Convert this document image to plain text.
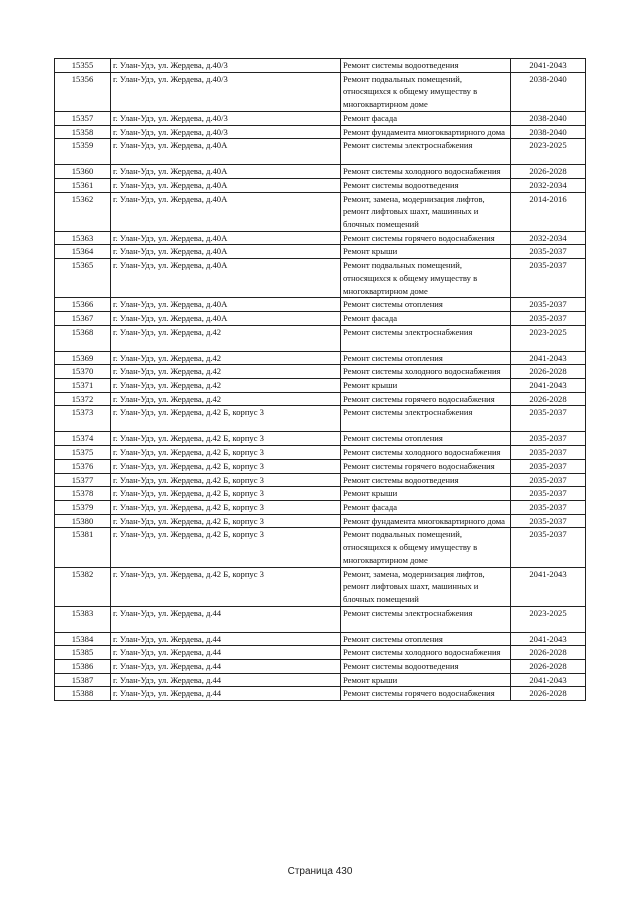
15355	г. Улан-Удэ, ул. Жердева, д.40/3	Ремонт системы водоотведения	2041-2043
15356	г. Улан-Удэ, ул. Жердева, д.40/3	Ремонт подвальных помещений, относящихся к общему имуществу в многоквартирном доме	2038-2040
15357	г. Улан-Удэ, ул. Жердева, д.40/3	Ремонт фасада	2038-2040
15358	г. Улан-Удэ, ул. Жердева, д.40/3	Ремонт фундамента многоквартирного дома	2038-2040
15359	г. Улан-Удэ, ул. Жердева, д.40А	Ремонт системы электроснабжения	2023-2025
15360	г. Улан-Удэ, ул. Жердева, д.40А	Ремонт системы холодного водоснабжения	2026-2028
15361	г. Улан-Удэ, ул. Жердева, д.40А	Ремонт системы водоотведения	2032-2034
15362	г. Улан-Удэ, ул. Жердева, д.40А	Ремонт, замена, модернизация лифтов, ремонт лифтовых шахт, машинных и блочных помещений	2014-2016
15363	г. Улан-Удэ, ул. Жердева, д.40А	Ремонт системы горячего водоснабжения	2032-2034
15364	г. Улан-Удэ, ул. Жердева, д.40А	Ремонт крыши	2035-2037
15365	г. Улан-Удэ, ул. Жердева, д.40А	Ремонт подвальных помещений, относящихся к общему имуществу в многоквартирном доме	2035-2037
15366	г. Улан-Удэ, ул. Жердева, д.40А	Ремонт системы отопления	2035-2037
15367	г. Улан-Удэ, ул. Жердева, д.40А	Ремонт фасада	2035-2037
15368	г. Улан-Удэ, ул. Жердева, д.42	Ремонт системы электроснабжения	2023-2025
15369	г. Улан-Удэ, ул. Жердева, д.42	Ремонт системы отопления	2041-2043
15370	г. Улан-Удэ, ул. Жердева, д.42	Ремонт системы холодного водоснабжения	2026-2028
15371	г. Улан-Удэ, ул. Жердева, д.42	Ремонт крыши	2041-2043
15372	г. Улан-Удэ, ул. Жердева, д.42	Ремонт системы горячего водоснабжения	2026-2028
15373	г. Улан-Удэ, ул. Жердева, д.42 Б, корпус 3	Ремонт системы электроснабжения	2035-2037
15374	г. Улан-Удэ, ул. Жердева, д.42 Б, корпус 3	Ремонт системы отопления	2035-2037
15375	г. Улан-Удэ, ул. Жердева, д.42 Б, корпус 3	Ремонт системы холодного водоснабжения	2035-2037
15376	г. Улан-Удэ, ул. Жердева, д.42 Б, корпус 3	Ремонт системы горячего водоснабжения	2035-2037
15377	г. Улан-Удэ, ул. Жердева, д.42 Б, корпус 3	Ремонт системы водоотведения	2035-2037
15378	г. Улан-Удэ, ул. Жердева, д.42 Б, корпус 3	Ремонт крыши	2035-2037
15379	г. Улан-Удэ, ул. Жердева, д.42 Б, корпус 3	Ремонт фасада	2035-2037
15380	г. Улан-Удэ, ул. Жердева, д.42 Б, корпус 3	Ремонт фундамента многоквартирного дома	2035-2037
15381	г. Улан-Удэ, ул. Жердева, д.42 Б, корпус 3	Ремонт подвальных помещений, относящихся к общему имуществу в многоквартирном доме	2035-2037
15382	г. Улан-Удэ, ул. Жердева, д.42 Б, корпус 3	Ремонт, замена, модернизация лифтов, ремонт лифтовых шахт, машинных и блочных помещений	2041-2043
15383	г. Улан-Удэ, ул. Жердева, д.44	Ремонт системы электроснабжения	2023-2025
15384	г. Улан-Удэ, ул. Жердева, д.44	Ремонт системы отопления	2041-2043
15385	г. Улан-Удэ, ул. Жердева, д.44	Ремонт системы холодного водоснабжения	2026-2028
15386	г. Улан-Удэ, ул. Жердева, д.44	Ремонт системы водоотведения	2026-2028
15387	г. Улан-Удэ, ул. Жердева, д.44	Ремонт крыши	2041-2043
15388	г. Улан-Удэ, ул. Жердева, д.44	Ремонт системы горячего водоснабжения	2026-2028
Страница 430
